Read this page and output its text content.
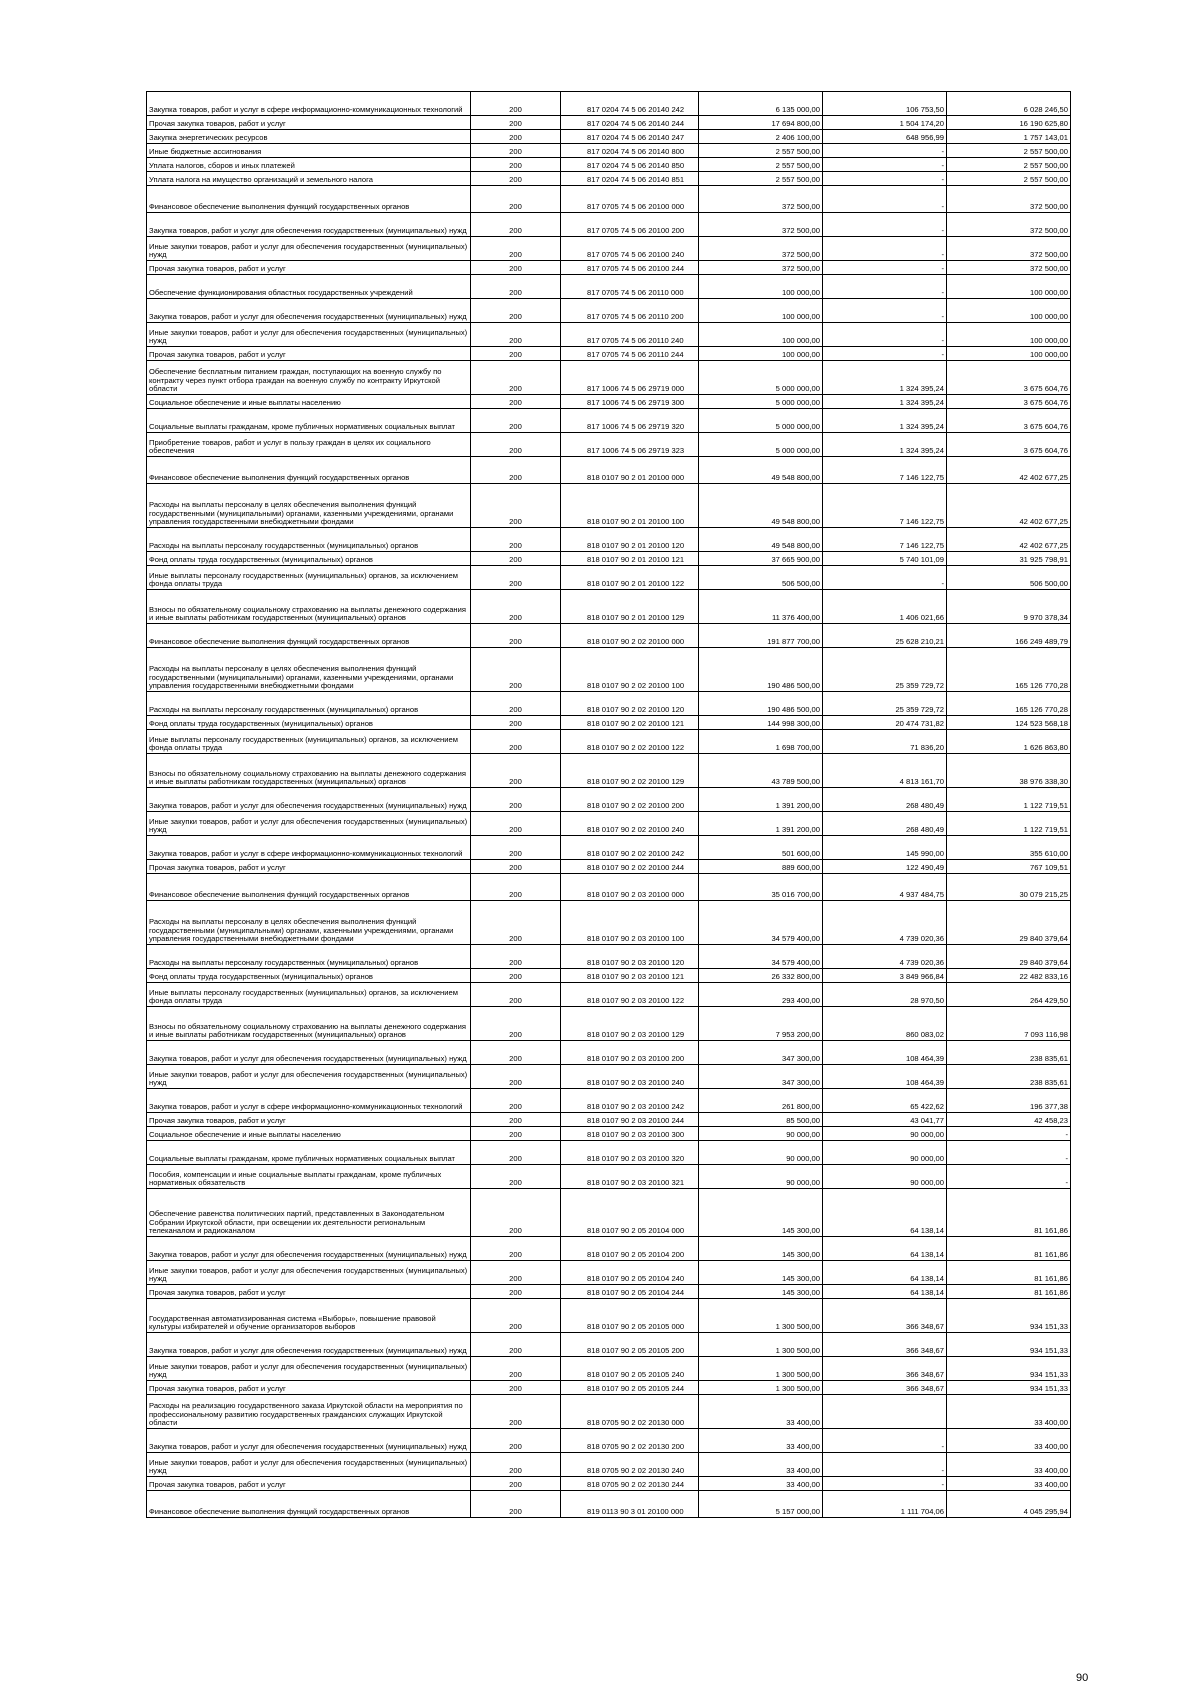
Закупка товаров, работ и услуг в сфере информационно-коммуникационных технологий	200	817 0204 74 5 06 20140 242	6 135 000,00	106 753,50	6 028 246,50
Прочая закупка товаров, работ и услуг	200	817 0204 74 5 06 20140 244	17 694 800,00	1 504 174,20	16 190 625,80
Закупка энергетических ресурсов	200	817 0204 74 5 06 20140 247	2 406 100,00	648 956,99	1 757 143,01
Иные бюджетные ассигнования	200	817 0204 74 5 06 20140 800	2 557 500,00	-	2 557 500,00
Уплата налогов, сборов и иных платежей	200	817 0204 74 5 06 20140 850	2 557 500,00	-	2 557 500,00
Уплата налога на имущество организаций и земельного налога	200	817 0204 74 5 06 20140 851	2 557 500,00	-	2 557 500,00
Финансовое обеспечение выполнения функций государственных органов	200	817 0705 74 5 06 20100 000	372 500,00	-	372 500,00
Закупка товаров, работ и услуг для обеспечения государственных (муниципальных) нужд	200	817 0705 74 5 06 20100 200	372 500,00	-	372 500,00
Иные закупки товаров, работ и услуг для обеспечения государственных (муниципальных) нужд	200	817 0705 74 5 06 20100 240	372 500,00	-	372 500,00
Прочая закупка товаров, работ и услуг	200	817 0705 74 5 06 20100 244	372 500,00	-	372 500,00
Обеспечение функционирования областных государственных учреждений	200	817 0705 74 5 06 20110 000	100 000,00	-	100 000,00
Закупка товаров, работ и услуг для обеспечения государственных (муниципальных) нужд	200	817 0705 74 5 06 20110 200	100 000,00	-	100 000,00
Иные закупки товаров, работ и услуг для обеспечения государственных (муниципальных) нужд	200	817 0705 74 5 06 20110 240	100 000,00	-	100 000,00
Прочая закупка товаров, работ и услуг	200	817 0705 74 5 06 20110 244	100 000,00	-	100 000,00
Обеспечение бесплатным питанием граждан, поступающих на военную службу по контракту через пункт отбора граждан на военную службу по контракту Иркутской области	200	817 1006 74 5 06 29719 000	5 000 000,00	1 324 395,24	3 675 604,76
Социальное обеспечение и иные выплаты населению	200	817 1006 74 5 06 29719 300	5 000 000,00	1 324 395,24	3 675 604,76
Социальные выплаты гражданам, кроме публичных нормативных социальных выплат	200	817 1006 74 5 06 29719 320	5 000 000,00	1 324 395,24	3 675 604,76
Приобретение товаров, работ и услуг в пользу граждан в целях их социального обеспечения	200	817 1006 74 5 06 29719 323	5 000 000,00	1 324 395,24	3 675 604,76
Финансовое обеспечение выполнения функций государственных органов	200	818 0107 90 2 01 20100 000	49 548 800,00	7 146 122,75	42 402 677,25
Расходы на выплаты персоналу в целях обеспечения выполнения функций государственными (муниципальными) органами, казенными учреждениями, органами управления государственными внебюджетными фондами	200	818 0107 90 2 01 20100 100	49 548 800,00	7 146 122,75	42 402 677,25
Расходы на выплаты персоналу государственных (муниципальных) органов	200	818 0107 90 2 01 20100 120	49 548 800,00	7 146 122,75	42 402 677,25
Фонд оплаты труда государственных (муниципальных) органов	200	818 0107 90 2 01 20100 121	37 665 900,00	5 740 101,09	31 925 798,91
Иные выплаты персоналу государственных (муниципальных) органов, за исключением фонда оплаты труда	200	818 0107 90 2 01 20100 122	506 500,00	-	506 500,00
Взносы по обязательному социальному страхованию на выплаты денежного содержания и иные выплаты работникам государственных (муниципальных) органов	200	818 0107 90 2 01 20100 129	11 376 400,00	1 406 021,66	9 970 378,34
Финансовое обеспечение выполнения функций государственных органов	200	818 0107 90 2 02 20100 000	191 877 700,00	25 628 210,21	166 249 489,79
Расходы на выплаты персоналу в целях обеспечения выполнения функций государственными (муниципальными) органами, казенными учреждениями, органами управления государственными внебюджетными фондами	200	818 0107 90 2 02 20100 100	190 486 500,00	25 359 729,72	165 126 770,28
Расходы на выплаты персоналу государственных (муниципальных) органов	200	818 0107 90 2 02 20100 120	190 486 500,00	25 359 729,72	165 126 770,28
Фонд оплаты труда государственных (муниципальных) органов	200	818 0107 90 2 02 20100 121	144 998 300,00	20 474 731,82	124 523 568,18
Иные выплаты персоналу государственных (муниципальных) органов, за исключением фонда оплаты труда	200	818 0107 90 2 02 20100 122	1 698 700,00	71 836,20	1 626 863,80
Взносы по обязательному социальному страхованию на выплаты денежного содержания и иные выплаты работникам государственных (муниципальных) органов	200	818 0107 90 2 02 20100 129	43 789 500,00	4 813 161,70	38 976 338,30
Закупка товаров, работ и услуг для обеспечения государственных (муниципальных) нужд	200	818 0107 90 2 02 20100 200	1 391 200,00	268 480,49	1 122 719,51
Иные закупки товаров, работ и услуг для обеспечения государственных (муниципальных) нужд	200	818 0107 90 2 02 20100 240	1 391 200,00	268 480,49	1 122 719,51
Закупка товаров, работ и услуг в сфере информационно-коммуникационных технологий	200	818 0107 90 2 02 20100 242	501 600,00	145 990,00	355 610,00
Прочая закупка товаров, работ и услуг	200	818 0107 90 2 02 20100 244	889 600,00	122 490,49	767 109,51
Финансовое обеспечение выполнения функций государственных органов	200	818 0107 90 2 03 20100 000	35 016 700,00	4 937 484,75	30 079 215,25
Расходы на выплаты персоналу в целях обеспечения выполнения функций государственными (муниципальными) органами, казенными учреждениями, органами управления государственными внебюджетными фондами	200	818 0107 90 2 03 20100 100	34 579 400,00	4 739 020,36	29 840 379,64
Расходы на выплаты персоналу государственных (муниципальных) органов	200	818 0107 90 2 03 20100 120	34 579 400,00	4 739 020,36	29 840 379,64
Фонд оплаты труда государственных (муниципальных) органов	200	818 0107 90 2 03 20100 121	26 332 800,00	3 849 966,84	22 482 833,16
Иные выплаты персоналу государственных (муниципальных) органов, за исключением фонда оплаты труда	200	818 0107 90 2 03 20100 122	293 400,00	28 970,50	264 429,50
Взносы по обязательному социальному страхованию на выплаты денежного содержания и иные выплаты работникам государственных (муниципальных) органов	200	818 0107 90 2 03 20100 129	7 953 200,00	860 083,02	7 093 116,98
Закупка товаров, работ и услуг для обеспечения государственных (муниципальных) нужд	200	818 0107 90 2 03 20100 200	347 300,00	108 464,39	238 835,61
Иные закупки товаров, работ и услуг для обеспечения государственных (муниципальных) нужд	200	818 0107 90 2 03 20100 240	347 300,00	108 464,39	238 835,61
Закупка товаров, работ и услуг в сфере информационно-коммуникационных технологий	200	818 0107 90 2 03 20100 242	261 800,00	65 422,62	196 377,38
Прочая закупка товаров, работ и услуг	200	818 0107 90 2 03 20100 244	85 500,00	43 041,77	42 458,23
Социальное обеспечение и иные выплаты населению	200	818 0107 90 2 03 20100 300	90 000,00	90 000,00	-
Социальные выплаты гражданам, кроме публичных нормативных социальных выплат	200	818 0107 90 2 03 20100 320	90 000,00	90 000,00	-
Пособия, компенсации и иные социальные выплаты гражданам, кроме публичных нормативных обязательств	200	818 0107 90 2 03 20100 321	90 000,00	90 000,00	-
Обеспечение равенства политических партий, представленных в Законодательном Собрании Иркутской области, при освещении их деятельности региональным телеканалом и радиоканалом	200	818 0107 90 2 05 20104 000	145 300,00	64 138,14	81 161,86
Закупка товаров, работ и услуг для обеспечения государственных (муниципальных) нужд	200	818 0107 90 2 05 20104 200	145 300,00	64 138,14	81 161,86
Иные закупки товаров, работ и услуг для обеспечения государственных (муниципальных) нужд	200	818 0107 90 2 05 20104 240	145 300,00	64 138,14	81 161,86
Прочая закупка товаров, работ и услуг	200	818 0107 90 2 05 20104 244	145 300,00	64 138,14	81 161,86
Государственная автоматизированная система «Выборы», повышение правовой культуры избирателей и обучение организаторов выборов	200	818 0107 90 2 05 20105 000	1 300 500,00	366 348,67	934 151,33
Закупка товаров, работ и услуг для обеспечения государственных (муниципальных) нужд	200	818 0107 90 2 05 20105 200	1 300 500,00	366 348,67	934 151,33
Иные закупки товаров, работ и услуг для обеспечения государственных (муниципальных) нужд	200	818 0107 90 2 05 20105 240	1 300 500,00	366 348,67	934 151,33
Прочая закупка товаров, работ и услуг	200	818 0107 90 2 05 20105 244	1 300 500,00	366 348,67	934 151,33
Расходы на реализацию государственного заказа Иркутской области на мероприятия по профессиональному развитию государственных гражданских служащих Иркутской области	200	818 0705 90 2 02 20130 000	33 400,00		33 400,00
Закупка товаров, работ и услуг для обеспечения государственных (муниципальных) нужд	200	818 0705 90 2 02 20130 200	33 400,00	-	33 400,00
Иные закупки товаров, работ и услуг для обеспечения государственных (муниципальных) нужд	200	818 0705 90 2 02 20130 240	33 400,00	-	33 400,00
Прочая закупка товаров, работ и услуг	200	818 0705 90 2 02 20130 244	33 400,00	-	33 400,00
Финансовое обеспечение выполнения функций государственных органов	200	819 0113 90 3 01 20100 000	5 157 000,00	1 111 704,06	4 045 295,94
90
